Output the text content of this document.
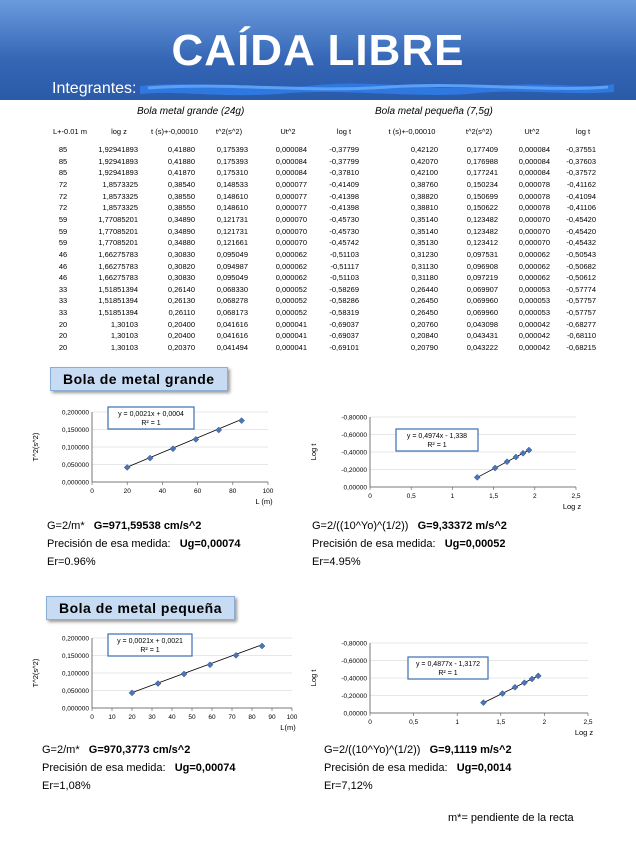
CAÍDA LIBRE
Integrantes:
Bola metal grande (24g)	Bola metal pequeña (7,5g)
L+-0.01 m	log z	t (s)+-0,00010	t^2(s^2)	Ut^2	log t	t (s)+-0,00010	t^2(s^2)	Ut^2	log t
85	1,92941893	0,41880	0,175393	0,000084	-0,37799	0,42120	0,177409	0,000084	-0,37551
85	1,92941893	0,41880	0,175393	0,000084	-0,37799	0,42070	0,176988	0,000084	-0,37603
85	1,92941893	0,41870	0,175310	0,000084	-0,37810	0,42100	0,177241	0,000084	-0,37572
72	1,8573325	0,38540	0,148533	0,000077	-0,41409	0,38760	0,150234	0,000078	-0,41162
72	1,8573325	0,38550	0,148610	0,000077	-0,41398	0,38820	0,150699	0,000078	-0,41094
72	1,8573325	0,38550	0,148610	0,000077	-0,41398	0,38810	0,150622	0,000078	-0,41106
59	1,77085201	0,34890	0,121731	0,000070	-0,45730	0,35140	0,123482	0,000070	-0,45420
59	1,77085201	0,34890	0,121731	0,000070	-0,45730	0,35140	0,123482	0,000070	-0,45420
59	1,77085201	0,34880	0,121661	0,000070	-0,45742	0,35130	0,123412	0,000070	-0,45432
46	1,66275783	0,30830	0,095049	0,000062	-0,51103	0,31230	0,097531	0,000062	-0,50543
46	1,66275783	0,30820	0,094987	0,000062	-0,51117	0,31130	0,096908	0,000062	-0,50682
46	1,66275783	0,30830	0,095049	0,000062	-0,51103	0,31180	0,097219	0,000062	-0,50612
33	1,51851394	0,26140	0,068330	0,000052	-0,58269	0,26440	0,069907	0,000053	-0,57774
33	1,51851394	0,26130	0,068278	0,000052	-0,58286	0,26450	0,069960	0,000053	-0,57757
33	1,51851394	0,26110	0,068173	0,000052	-0,58319	0,26450	0,069960	0,000053	-0,57757
20	1,30103	0,20400	0,041616	0,000041	-0,69037	0,20760	0,043098	0,000042	-0,68277
20	1,30103	0,20400	0,041616	0,000041	-0,69037	0,20840	0,043431	0,000042	-0,68110
20	1,30103	0,20370	0,041494	0,000041	-0,69101	0,20790	0,043222	0,000042	-0,68215
Bola de metal grande
Bola de metal pequeña
0,000000
0,050000
0,100000
0,150000
0,200000
0	20	40	60	80	100
L (m)
T^2(s^2)
y = 0,0021x + 0,0004
R² = 1
0,00000
-0,20000
-0,40000
-0,60000
-0,80000
0	0,5	1	1,5	2	2,5
Log z
Log t
y = 0,4974x - 1,338
R² = 1
0,000000
0,050000
0,100000
0,150000
0,200000
0 10 20 30 40 50 60 70 80 90 100
L(m)
T^2(s^2)
y = 0,0021x + 0,0021
R² = 1
0,00000
-0,20000
-0,40000
-0,60000
-0,80000
0	0,5	1	1,5	2	2,5
Log z
Log t
y = 0,4877x - 1,3172
R² = 1
G=2/m* G=971,59538 cm/s^2
Precisión de esa medida: Ug=0,00074
Er=0.96%
G=2/((10^Yo)^(1/2)) G=9,33372 m/s^2
Precisión de esa medida: Ug=0,00052
Er=4.95%
G=2/m* G=970,3773 cm/s^2
Precisión de esa medida: Ug=0,00074
Er=1,08%
G=2/((10^Yo)^(1/2)) G=9,1119 m/s^2
Precisión de esa medida: Ug=0,0014
Er=7,12%
m*= pendiente de la recta
